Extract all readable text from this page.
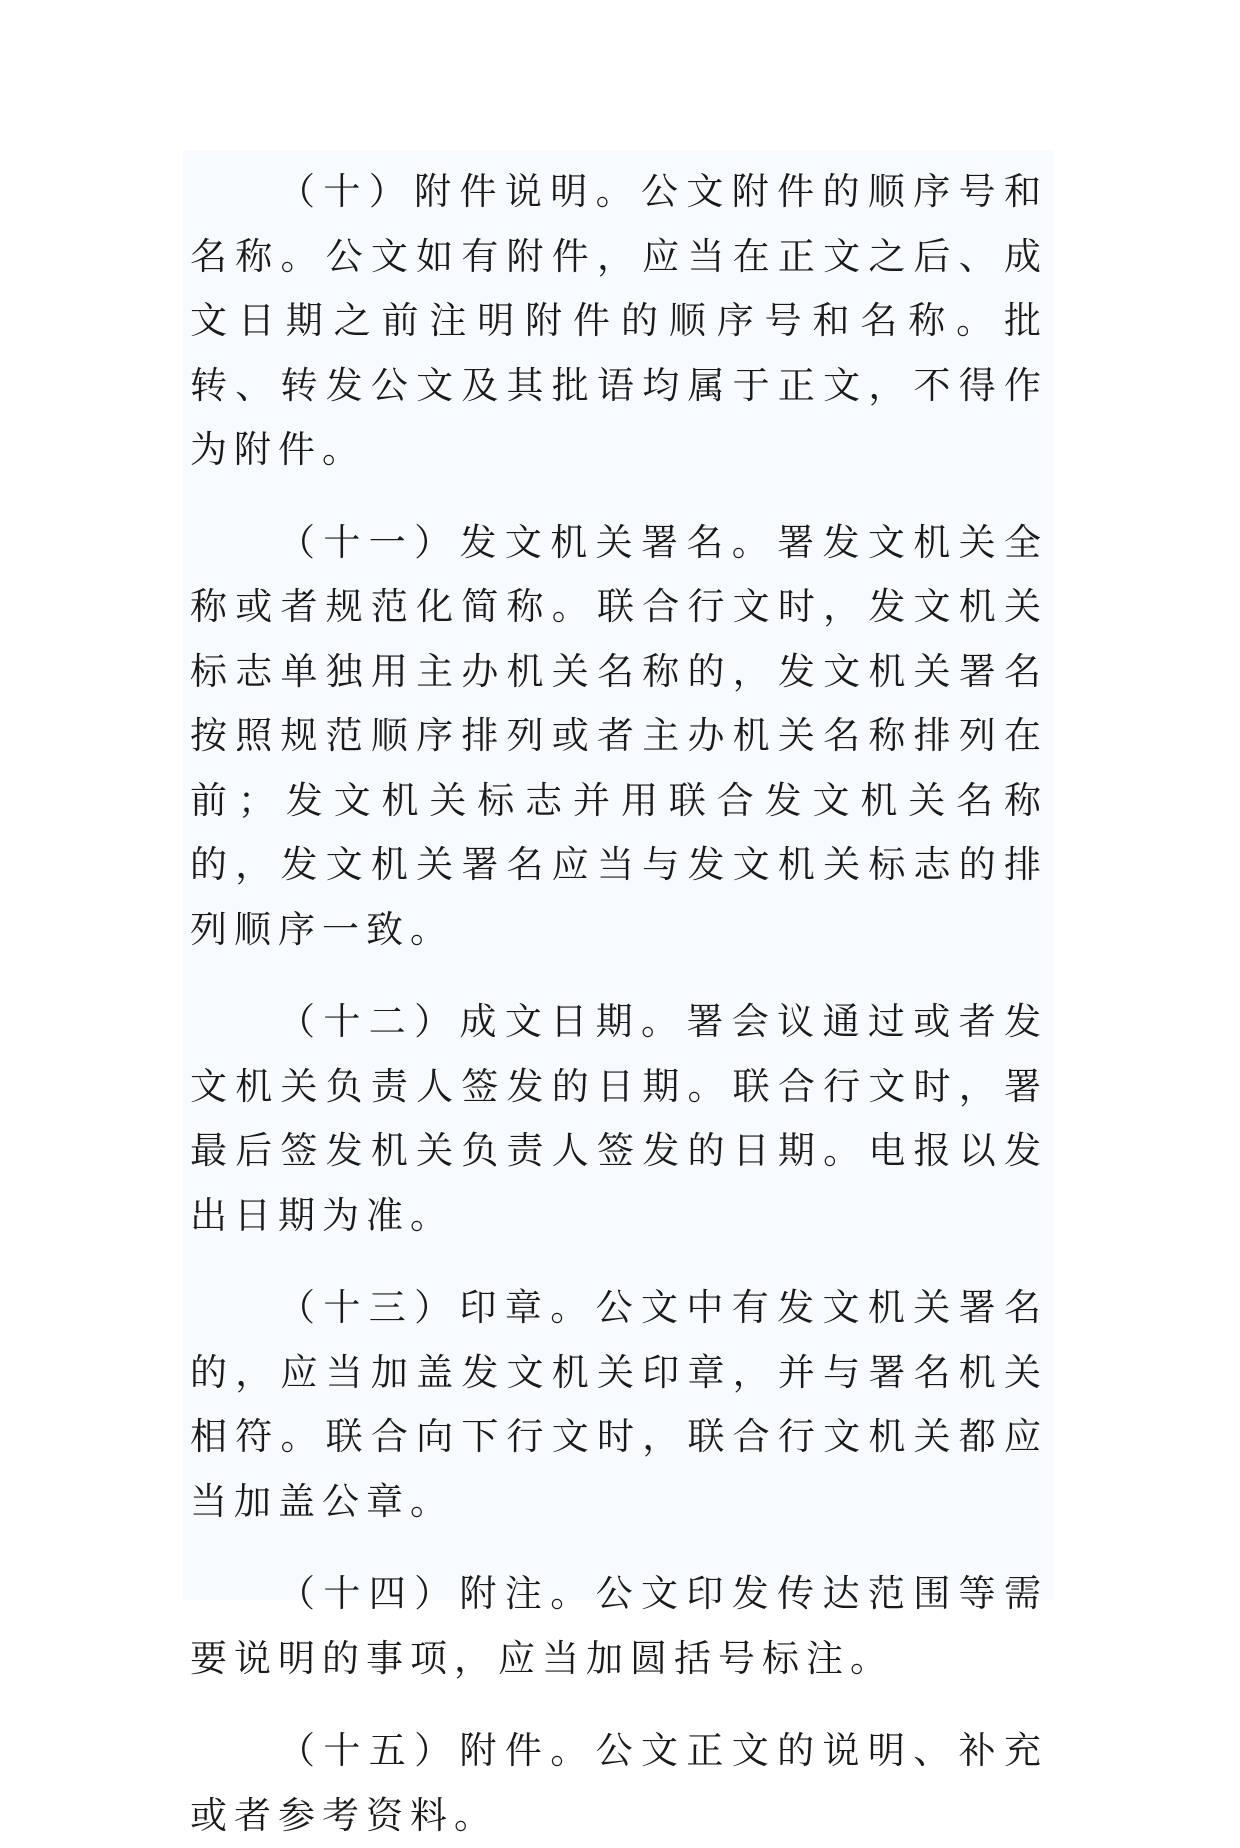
（十）附件说明。公文附件的顺序号和名称。公文如有附件，应当在正文之后、成文日期之前注明附件的顺序号和名称。批转、转发公文及其批语均属于正文，不得作为附件。

（十一）发文机关署名。署发文机关全称或者规范化简称。联合行文时，发文机关标志单独用主办机关名称的，发文机关署名按照规范顺序排列或者主办机关名称排列在前；发文机关标志并用联合发文机关名称的，发文机关署名应当与发文机关标志的排列顺序一致。

（十二）成文日期。署会议通过或者发文机关负责人签发的日期。联合行文时，署最后签发机关负责人签发的日期。电报以发出日期为准。

（十三）印章。公文中有发文机关署名的，应当加盖发文机关印章，并与署名机关相符。联合向下行文时，联合行文机关都应当加盖公章。

（十四）附注。公文印发传达范围等需要说明的事项，应当加圆括号标注。

（十五）附件。公文正文的说明、补充或者参考资料。
